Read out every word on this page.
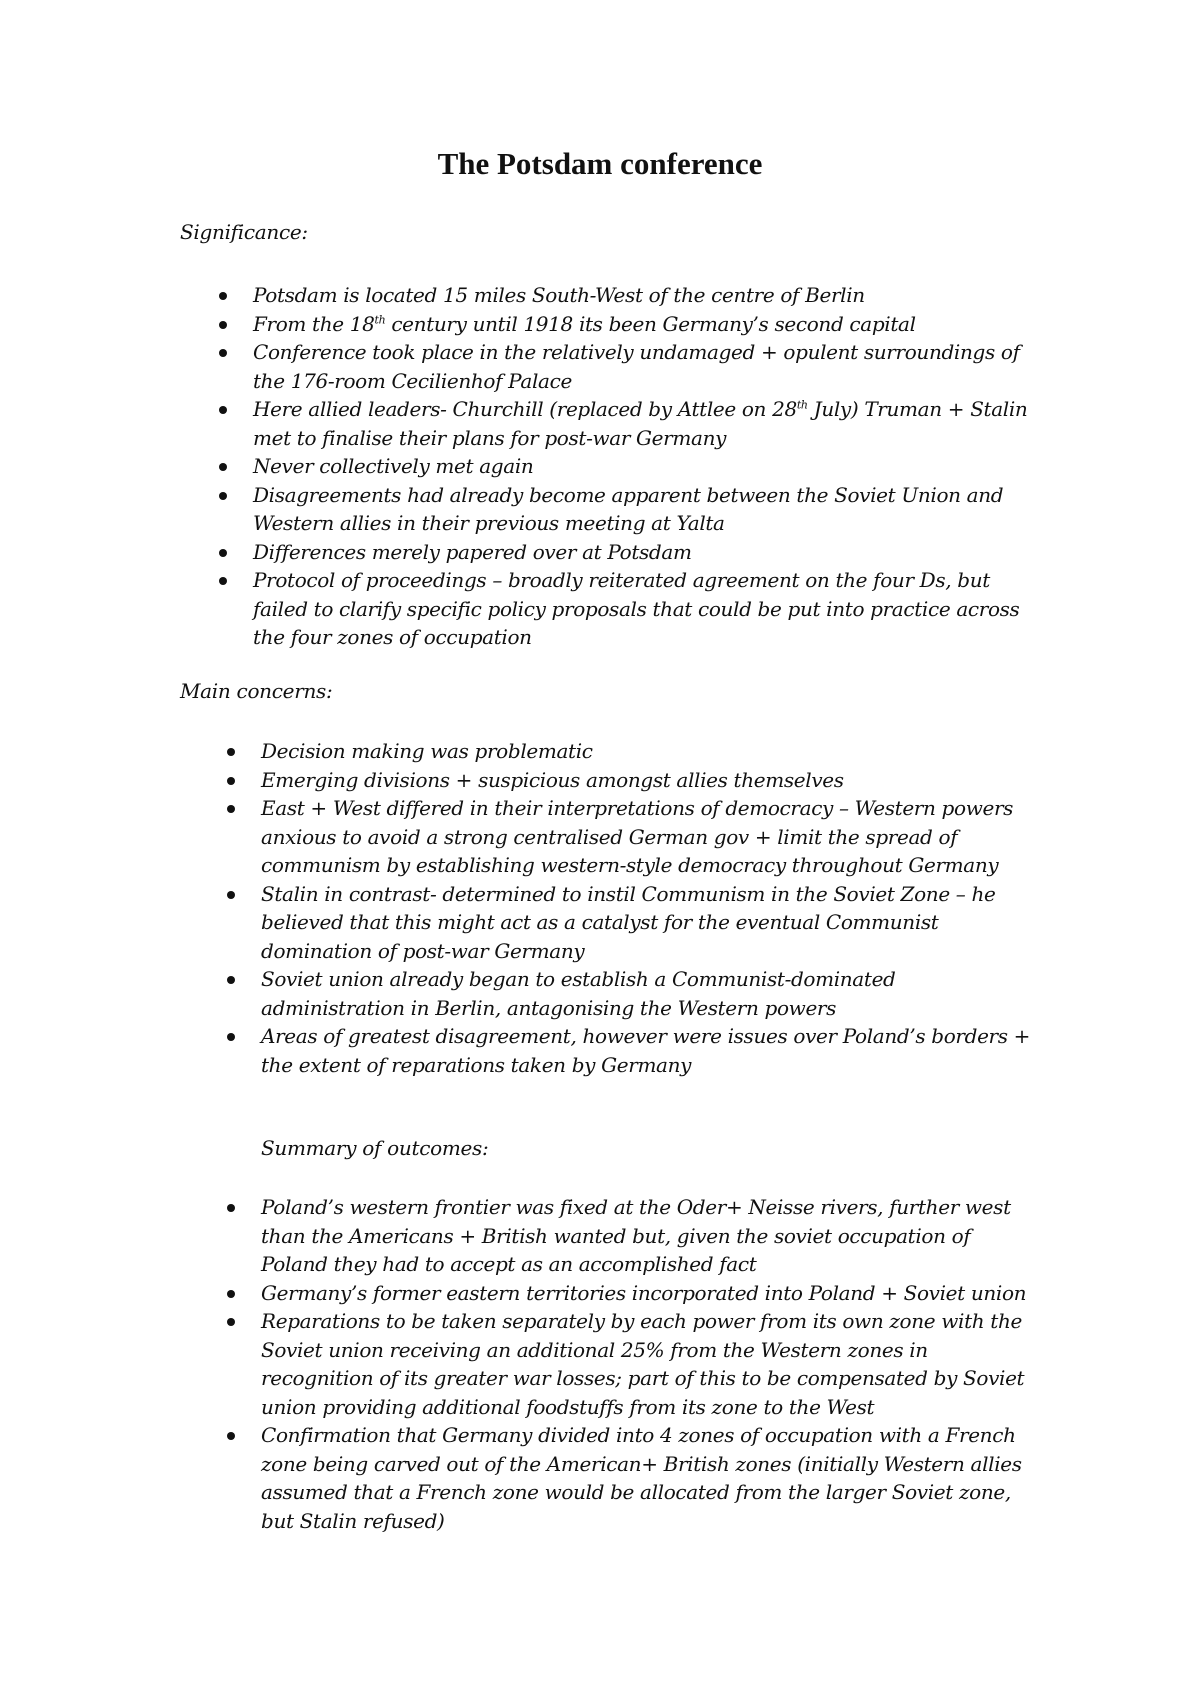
The Potsdam conference

Significance:

Potsdam is located 15 miles South-West of the centre of Berlin
From the 18th century until 1918 its been Germany’s second capital
Conference took place in the relatively undamaged + opulent surroundings of the 176-room Cecilienhof Palace
Here allied leaders- Churchill (replaced by Attlee on 28th July) Truman + Stalin met to finalise their plans for post-war Germany
Never collectively met again
Disagreements had already become apparent between the Soviet Union and Western allies in their previous meeting at Yalta
Differences merely papered over at Potsdam
Protocol of proceedings – broadly reiterated agreement on the four Ds, but failed to clarify specific policy proposals that could be put into practice across the four zones of occupation

Main concerns:

Decision making was problematic
Emerging divisions + suspicious amongst allies themselves
East + West differed in their interpretations of democracy – Western powers anxious to avoid a strong centralised German gov + limit the spread of communism by establishing western-style democracy throughout Germany
Stalin in contrast- determined to instil Communism in the Soviet Zone – he believed that this might act as a catalyst for the eventual Communist domination of post-war Germany
Soviet union already began to establish a Communist-dominated administration in Berlin, antagonising the Western powers
Areas of greatest disagreement, however were issues over Poland’s borders + the extent of reparations taken by Germany

Summary of outcomes:

Poland’s western frontier was fixed at the Oder+ Neisse rivers, further west than the Americans + British wanted but, given the soviet occupation of Poland they had to accept as an accomplished fact
Germany’s former eastern territories incorporated into Poland + Soviet union
Reparations to be taken separately by each power from its own zone with the Soviet union receiving an additional 25% from the Western zones in recognition of its greater war losses; part of this to be compensated by Soviet union providing additional foodstuffs from its zone to the West
Confirmation that Germany divided into 4 zones of occupation with a French zone being carved out of the American+ British zones (initially Western allies assumed that a French zone would be allocated from the larger Soviet zone, but Stalin refused)
